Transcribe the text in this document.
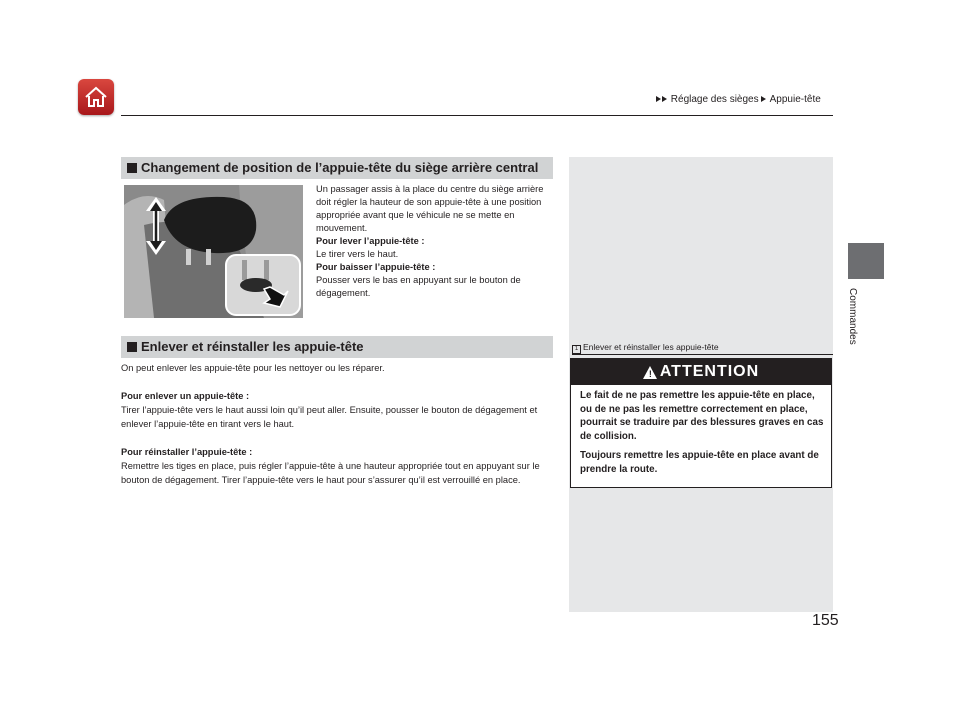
Réglage des sièges Appuie-tête
Commandes
Changement de position de l’appuie-tête du siège arrière central

Un passager assis à la place du centre du siège arrière doit régler la hauteur de son appuie-tête à une position appropriée avant que le véhicule ne se mette en mouvement.

Pour lever l’appuie-tête :

Le tirer vers le haut.

Pour baisser l’appuie-tête :

Pousser vers le bas en appuyant sur le bouton de dégagement.

Enlever et réinstaller les appuie-tête

On peut enlever les appuie-tête pour les nettoyer ou les réparer.

Pour enlever un appuie-tête :

Tirer l’appuie-tête vers le haut aussi loin qu’il peut aller. Ensuite, pousser le bouton de dégagement et enlever l’appuie-tête en tirant vers le haut.

Pour réinstaller l’appuie-tête :

Remettre les tiges en place, puis régler l’appuie-tête à une hauteur appropriée tout en appuyant sur le bouton de dégagement. Tirer l’appuie-tête vers le haut pour s’assurer qu’il est verrouillé en place.

1 Enlever et réinstaller les appuie-tête
! ATTENTION

Le fait de ne pas remettre les appuie-tête en place, ou de ne pas les remettre correctement en place, pourrait se traduire par des blessures graves en cas de collision.

Toujours remettre les appuie-tête en place avant de prendre la route.

155
